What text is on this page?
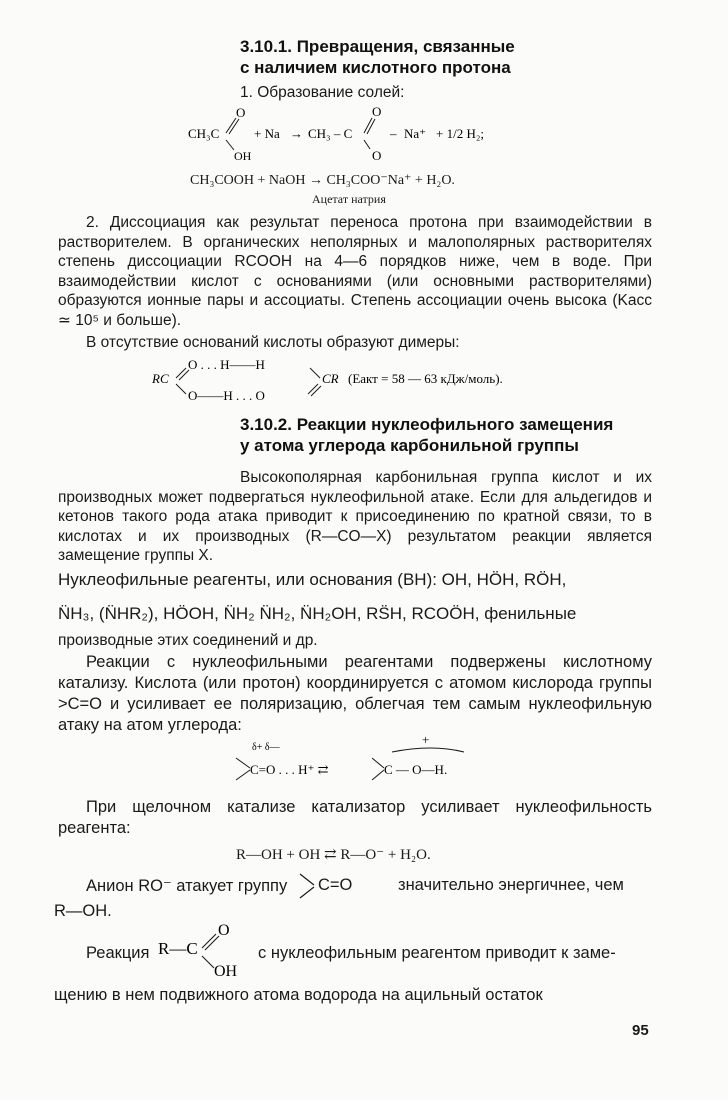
3.10.1. Превращения, связанные
с наличием кислотного протона
1. Образование солей:
CH₃C
O
OH
+ Na → CH₃ – C
O
O
– Na⁺ + 1/2 H₂;
CH₃COOH + NaOH → CH₃COO⁻Na⁺ + H₂O.
Ацетат натрия
2. Диссоциация как результат переноса протона при взаимодействии в растворителем. В органических неполярных и малополярных растворителях степень диссоциации RCOOH на 4—6 порядков ниже, чем в воде. При взаимодействии кислот с основаниями (или основными растворителями) образуются ионные пары и ассоциаты. Степень ассоциации очень высока (Kасс ≃ 10⁵ и больше).
В отсутствие оснований кислоты образуют димеры:
RC
O . . . H——H
O——H . . . O
CR (Eакт = 58 — 63 кДж/моль).
3.10.2. Реакции нуклеофильного замещения
у атома углерода карбонильной группы
Высокополярная карбонильная группа кислот и их производных может подвергаться нуклеофильной атаке. Если для альдегидов и кетонов такого рода атака приводит к присоединению по кратной связи, то в кислотах и их производных (R—CO—X) результатом реакции является замещение группы X.
Нуклеофильные реагенты, или основания (BH): OH, HÖH, RÖH,
N̈H₃, (N̈HR₂), HÖOH, N̈H₂ N̈H₂, N̈H₂OH, RS̈H, RCOÖH, фенильные
производные этих соединений и др.
Реакции с нуклеофильными реагентами подвержены кислотному катализу. Кислота (или протон) координируется с атомом кислорода группы >C=O и усиливает ее поляризацию, облегчая тем самым нуклеофильную атаку на атом углерода:
δ+ δ—
C=O . . . H⁺ ⇄
+
C — O—H.
При щелочном катализе катализатор усиливает нуклеофильность реагента:
R—OH + OH ⇄ R—O⁻ + H₂O.
Анион RO⁻ атакует группу C=O	значительно энергичнее, чем
R—OH.
Реакция R—C
O
OH
с нуклеофильным реагентом приводит к заме-
щению в нем подвижного атома водорода на ацильный остаток
95
